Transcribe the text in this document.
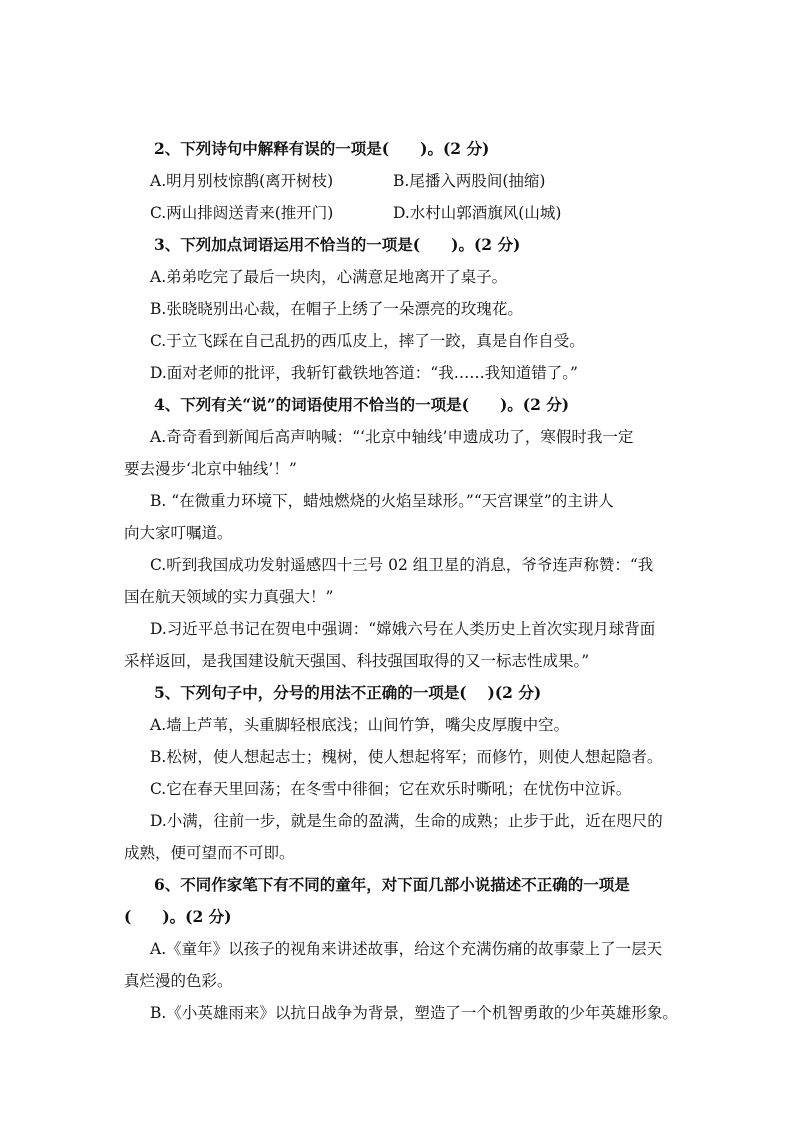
2、下列诗句中解释有误的一项是(　　)。(2 分)
A.明月别枝惊鹊(离开树枝)	B.尾播入两股间(抽缩)
C.两山排闼送青来(推开门)	D.水村山郭酒旗风(山城)
3、下列加点词语运用不恰当的一项是(　　)。(2 分)
A.弟弟吃完了最后一块肉，心满意足地离开了桌子。
B.张晓晓别出心裁，在帽子上绣了一朵漂亮的玫瑰花。
C.于立飞踩在自己乱扔的西瓜皮上，摔了一跤，真是自作自受。
D.面对老师的批评，我斩钉截铁地答道：“我……我知道错了。”
4、下列有关“说”的词语使用不恰当的一项是(　　)。(2 分)
A.奇奇看到新闻后高声呐喊：“‘北京中轴线’申遗成功了，寒假时我一定
要去漫步‘北京中轴线’！”
B. “在微重力环境下，蜡烛燃烧的火焰呈球形。”“天宫课堂”的主讲人
向大家叮嘱道。
C.听到我国成功发射遥感四十三号 02 组卫星的消息，爷爷连声称赞：“我
国在航天领域的实力真强大！”
D.习近平总书记在贺电中强调：“嫦娥六号在人类历史上首次实现月球背面
采样返回，是我国建设航天强国、科技强国取得的又一标志性成果。”
5、下列句子中，分号的用法不正确的一项是(　 )(2 分)
A.墙上芦苇，头重脚轻根底浅；山间竹笋，嘴尖皮厚腹中空。
B.松树，使人想起志士；槐树，使人想起将军；而修竹，则使人想起隐者。
C.它在春天里回荡；在冬雪中徘徊；它在欢乐时嘶吼；在忧伤中泣诉。
D.小满，往前一步，就是生命的盈满，生命的成熟；止步于此，近在咫尺的
成熟，便可望而不可即。
6、不同作家笔下有不同的童年，对下面几部小说描述不正确的一项是
(　　)。(2 分)
A.《童年》以孩子的视角来讲述故事，给这个充满伤痛的故事蒙上了一层天
真烂漫的色彩。
B.《小英雄雨来》以抗日战争为背景，塑造了一个机智勇敢的少年英雄形象。
